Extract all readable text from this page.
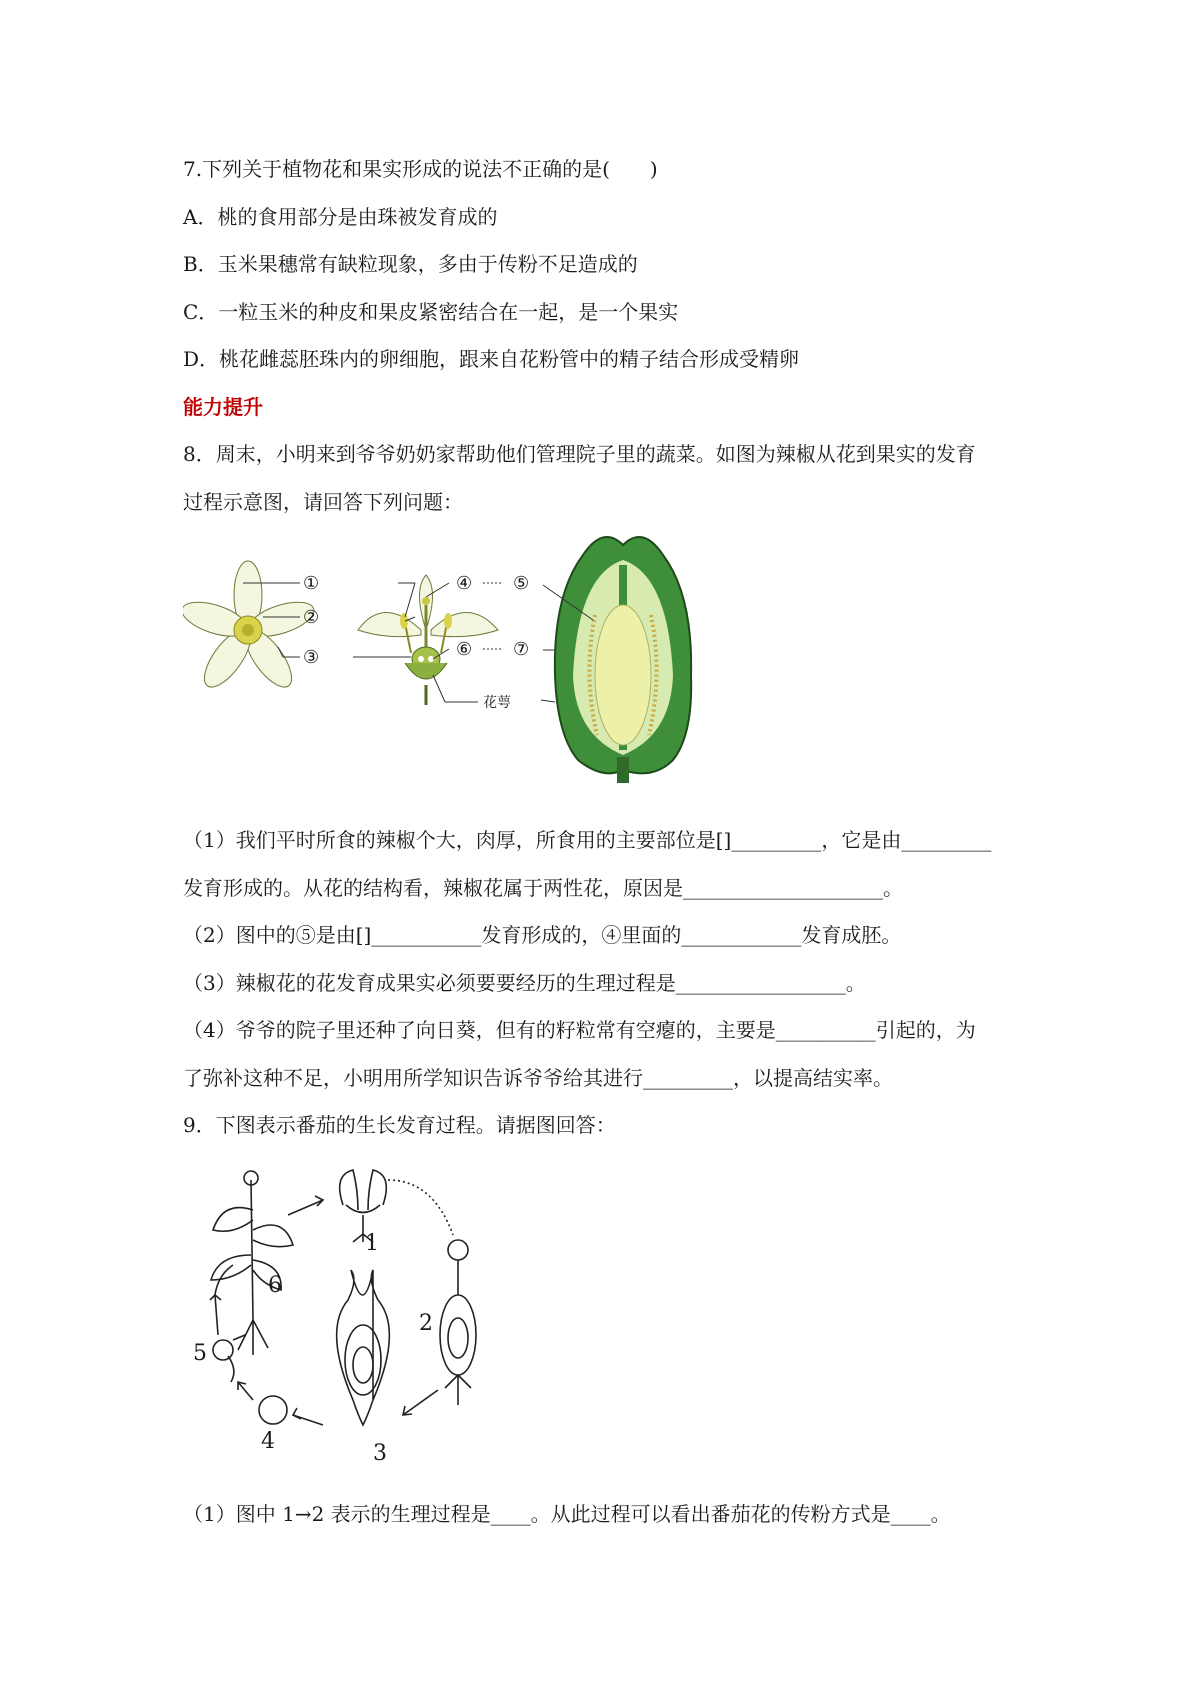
7.下列关于植物花和果实形成的说法不正确的是(　　)
A．桃的食用部分是由珠被发育成的
B．玉米果穗常有缺粒现象，多由于传粉不足造成的
C．一粒玉米的种皮和果皮紧密结合在一起，是一个果实
D．桃花雌蕊胚珠内的卵细胞，跟来自花粉管中的精子结合形成受精卵
能力提升
8．周末，小明来到爷爷奶奶家帮助他们管理院子里的蔬菜。如图为辣椒从花到果实的发育
过程示意图，请回答下列问题：
①
②
③
④ ⑤
⑥ ⑦
花萼
（1）我们平时所食的辣椒个大，肉厚，所食用的主要部位是[]_________，它是由_________
发育形成的。从花的结构看，辣椒花属于两性花，原因是____________________。
（2）图中的⑤是由[]___________发育形成的，④里面的____________发育成胚。
（3）辣椒花的花发育成果实必须要要经历的生理过程是_________________。
（4）爷爷的院子里还种了向日葵，但有的籽粒常有空瘪的，主要是__________引起的，为
了弥补这种不足，小明用所学知识告诉爷爷给其进行_________，以提高结实率。
9．下图表示番茄的生长发育过程。请据图回答：
1
2
3
4
5
6
（1）图中 1→2 表示的生理过程是____。从此过程可以看出番茄花的传粉方式是____。
